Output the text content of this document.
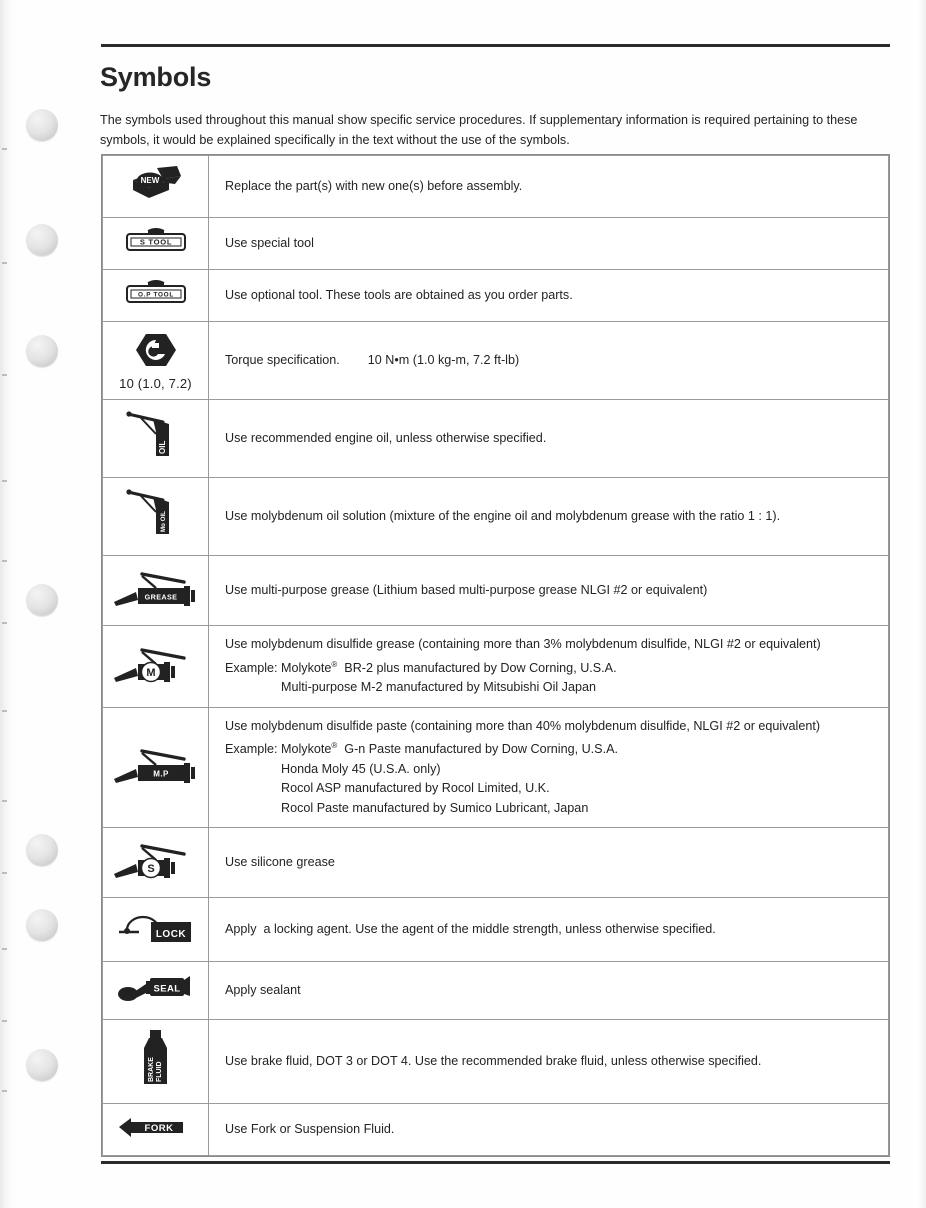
Symbols
The symbols used throughout this manual show specific service procedures. If supplementary information is required pertaining to these symbols, it would be explained specifically in the text without the use of the symbols.
NEW	Replace the part(s) with new one(s) before assembly.

S TOOL	Use special tool

O.P TOOL	Use optional tool. These tools are obtained as you order parts.

10 (1.0, 7.2)	Torque specification.        10 N•m (1.0 kg-m, 7.2 ft-lb)

OIL	Use recommended engine oil, unless otherwise specified.

Mo OIL	Use molybdenum oil solution (mixture of the engine oil and molybdenum grease with the ratio 1 : 1).

GREASE	Use multi-purpose grease (Lithium based multi-purpose grease NLGI #2 or equivalent)

M	Use molybdenum disulfide grease (containing more than 3% molybdenum disulfide, NLGI #2 or equivalent)
Example: Molykote®  BR-2 plus manufactured by Dow Corning, U.S.A.
Multi-purpose M-2 manufactured by Mitsubishi Oil Japan

M.P	Use molybdenum disulfide paste (containing more than 40% molybdenum disulfide, NLGI #2 or equivalent)
Example: Molykote®  G-n Paste manufactured by Dow Corning, U.S.A.
Honda Moly 45 (U.S.A. only)
Rocol ASP manufactured by Rocol Limited, U.K.
Rocol Paste manufactured by Sumico Lubricant, Japan

S	Use silicone grease

LOCK	Apply  a locking agent. Use the agent of the middle strength, unless otherwise specified.

SEAL	Apply sealant

BRAKE FLUID	Use brake fluid, DOT 3 or DOT 4. Use the recommended brake fluid, unless otherwise specified.

FORK	Use Fork or Suspension Fluid.
